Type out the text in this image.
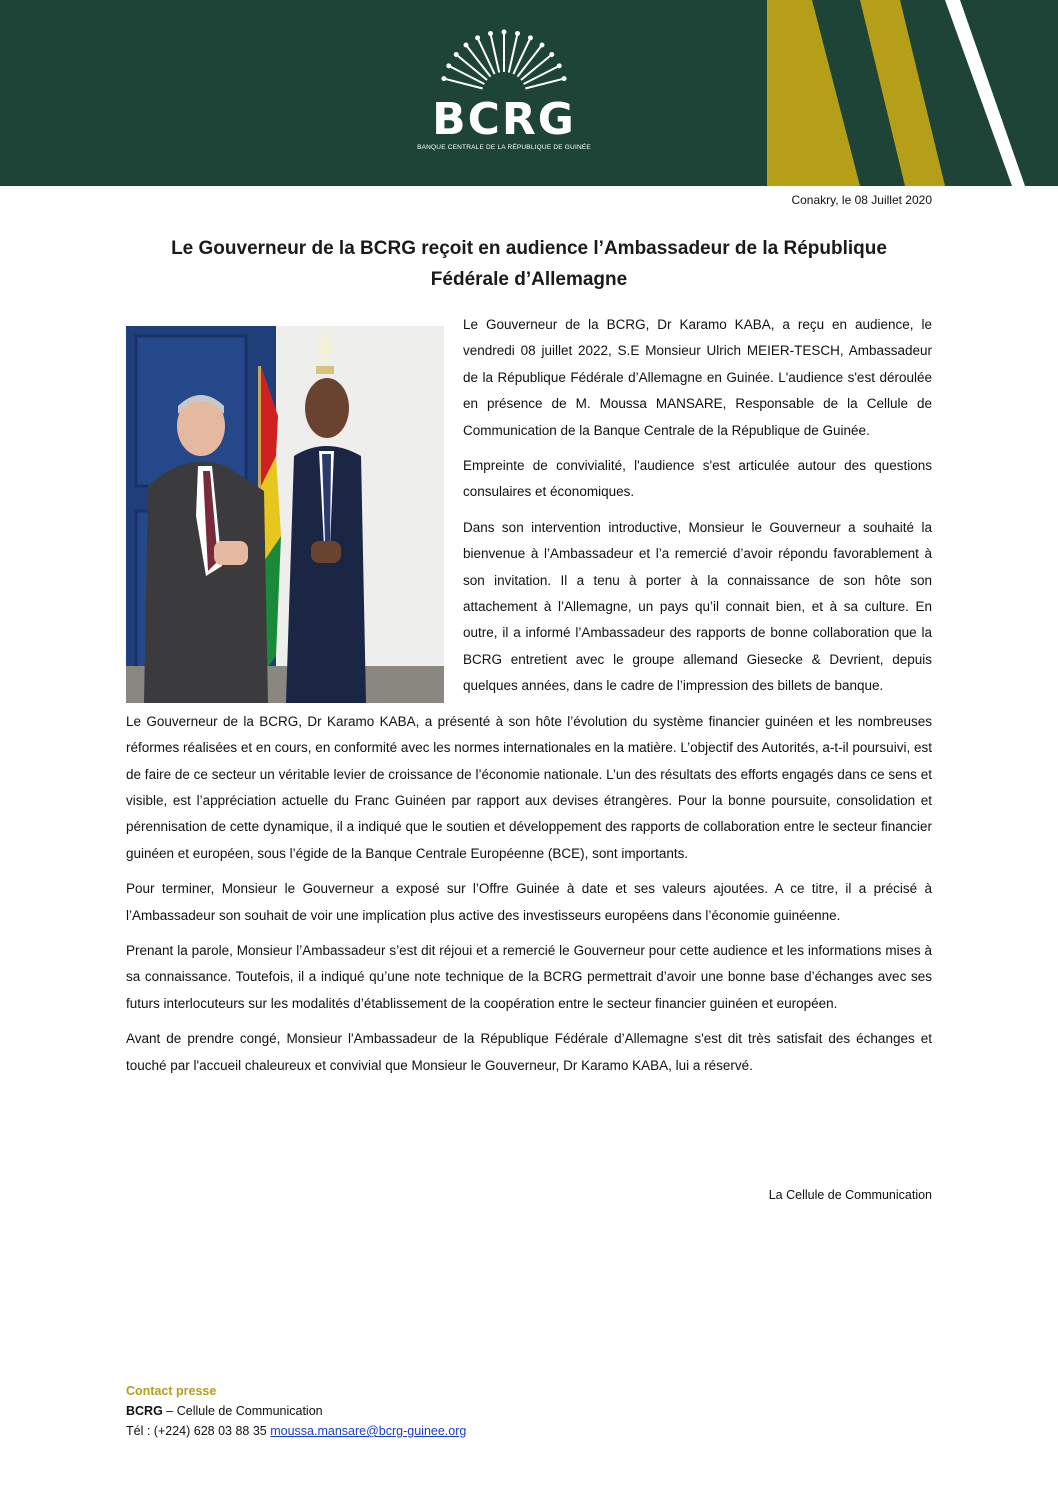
BCRG
BANQUE CENTRALE DE LA RÉPUBLIQUE DE GUINÉE
Conakry, le 08 Juillet 2020
Le Gouverneur de la BCRG reçoit en audience l’Ambassadeur de la République
Fédérale d’Allemagne

Le Gouverneur de la BCRG, Dr Karamo KABA, a reçu en audience, le vendredi 08 juillet 2022, S.E Monsieur Ulrich MEIER-TESCH, Ambassadeur de la République Fédérale d’Allemagne en Guinée. L'audience s'est déroulée en présence de M. Moussa MANSARE, Responsable de la Cellule de Communication de la Banque Centrale de la République de Guinée.

Empreinte de convivialité, l'audience s'est articulée autour des questions consulaires et économiques.

Dans son intervention introductive, Monsieur le Gouverneur a souhaité la bienvenue à l’Ambassadeur et l’a remercié d’avoir répondu favorablement à son invitation. Il a tenu à porter à la connaissance de son hôte son attachement à l’Allemagne, un pays qu’il connait bien, et à sa culture. En outre, il a informé l’Ambassadeur des rapports de bonne collaboration que la BCRG entretient avec le groupe allemand Giesecke & Devrient, depuis quelques années, dans le cadre de l’impression des billets de banque.

Le Gouverneur de la BCRG, Dr Karamo KABA, a présenté à son hôte l’évolution du système financier guinéen et les nombreuses réformes réalisées et en cours, en conformité avec les normes internationales en la matière. L’objectif des Autorités, a-t-il poursuivi, est de faire de ce secteur un véritable levier de croissance de l’économie nationale. L’un des résultats des efforts engagés dans ce sens et visible, est l’appréciation actuelle du Franc Guinéen par rapport aux devises étrangères. Pour la bonne poursuite, consolidation et pérennisation de cette dynamique, il a indiqué que le soutien et développement des rapports de collaboration entre le secteur financier guinéen et européen, sous l’égide de la Banque Centrale Européenne (BCE), sont importants.

Pour terminer, Monsieur le Gouverneur a exposé sur l’Offre Guinée à date et ses valeurs ajoutées. A ce titre, il a précisé à l’Ambassadeur son souhait de voir une implication plus active des investisseurs européens dans l’économie guinéenne.

Prenant la parole, Monsieur l’Ambassadeur s’est dit réjoui et a remercié le Gouverneur pour cette audience et les informations mises à sa connaissance. Toutefois, il a indiqué qu’une note technique de la BCRG permettrait d’avoir une bonne base d’échanges avec ses futurs interlocuteurs sur les modalités d’établissement de la coopération entre le secteur financier guinéen et européen.

Avant de prendre congé, Monsieur l'Ambassadeur de la République Fédérale d’Allemagne s'est dit très satisfait des échanges et touché par l'accueil chaleureux et convivial que Monsieur le Gouverneur, Dr Karamo KABA, lui a réservé.

La Cellule de Communication
Contact presse
BCRG – Cellule de Communication
Tél : (+224) 628 03 88 35 moussa.mansare@bcrg-guinee.org
